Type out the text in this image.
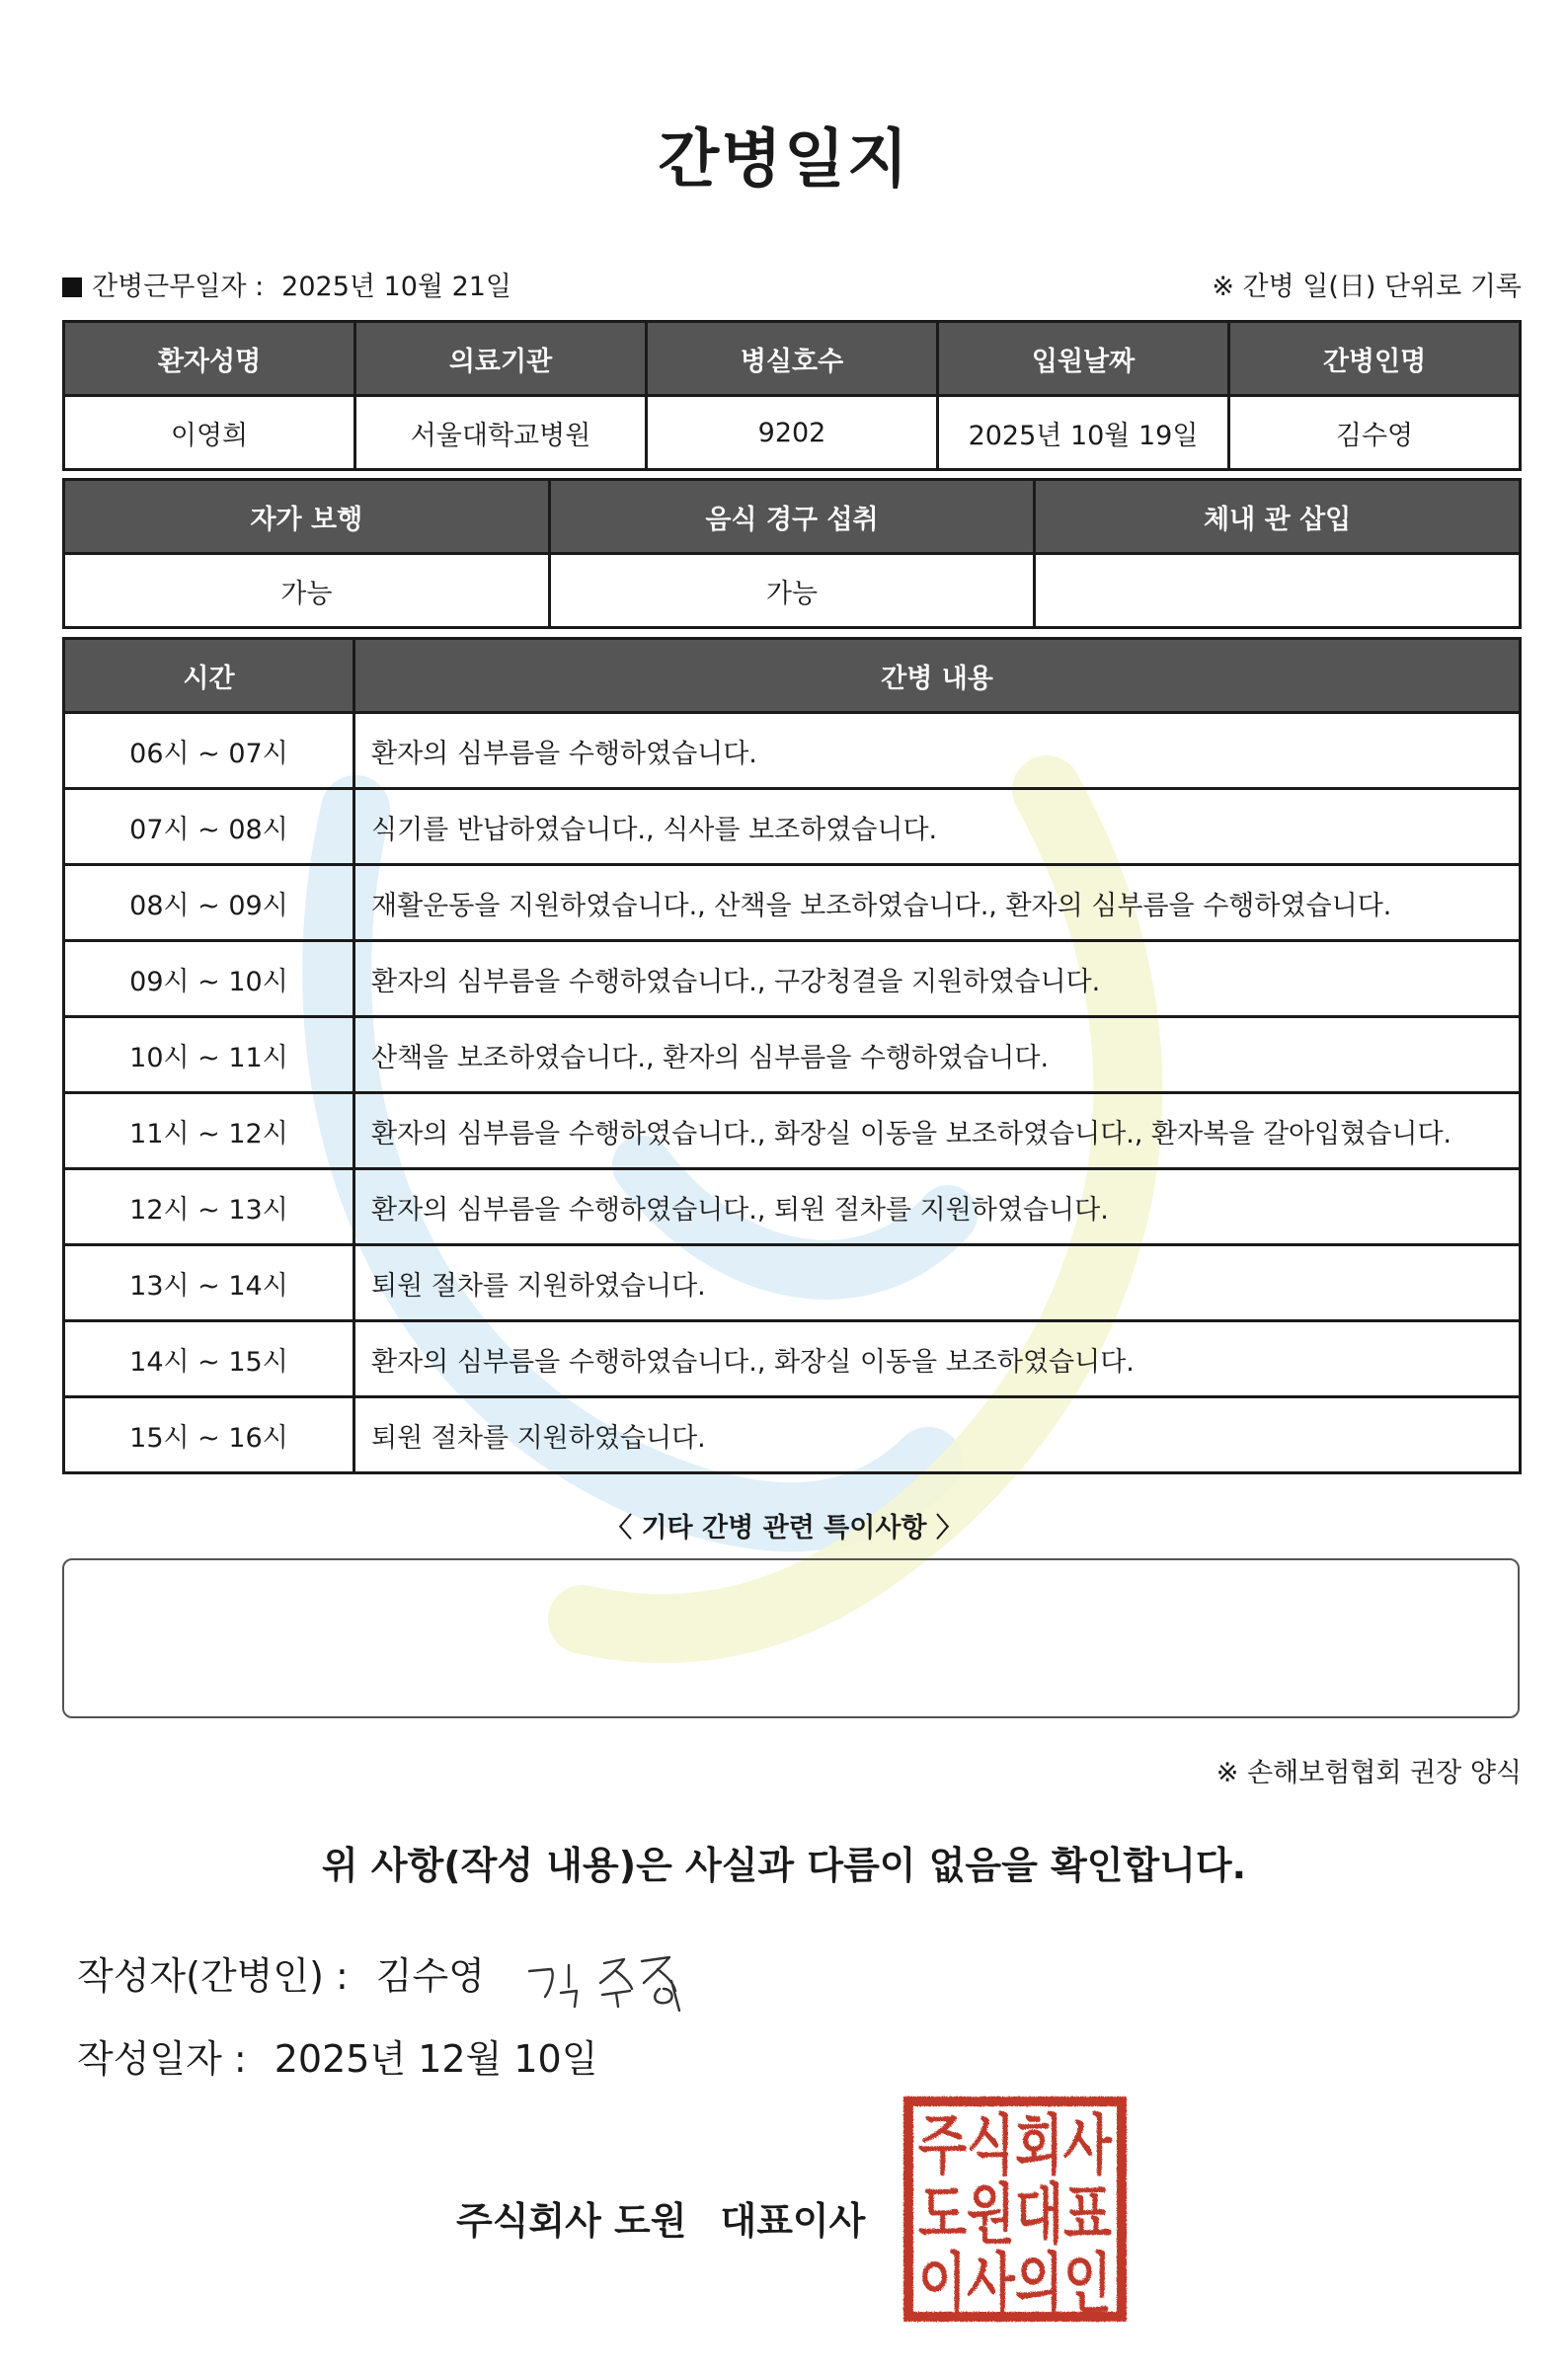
간병일지
간병근무일자 : 2025년 10월 21일	※ 간병 일(日) 단위로 기록
환자성명	의료기관	병실호수	입원날짜	간병인명
이영희	서울대학교병원	9202	2025년 10월 19일	김수영
자가 보행	음식 경구 섭취	체내 관 삽입
가능	가능	
시간	간병 내용
06시 ~ 07시	환자의 심부름을 수행하였습니다.
07시 ~ 08시	식기를 반납하였습니다., 식사를 보조하였습니다.
08시 ~ 09시	재활운동을 지원하였습니다., 산책을 보조하였습니다., 환자의 심부름을 수행하였습니다.
09시 ~ 10시	환자의 심부름을 수행하였습니다., 구강청결을 지원하였습니다.
10시 ~ 11시	산책을 보조하였습니다., 환자의 심부름을 수행하였습니다.
11시 ~ 12시	환자의 심부름을 수행하였습니다., 화장실 이동을 보조하였습니다., 환자복을 갈아입혔습니다.
12시 ~ 13시	환자의 심부름을 수행하였습니다., 퇴원 절차를 지원하였습니다.
13시 ~ 14시	퇴원 절차를 지원하였습니다.
14시 ~ 15시	환자의 심부름을 수행하였습니다., 화장실 이동을 보조하였습니다.
15시 ~ 16시	퇴원 절차를 지원하였습니다.
〈 기타 간병 관련 특이사항 〉
※ 손해보험협회 권장 양식
위 사항(작성 내용)은 사실과 다름이 없음을 확인합니다.
작성자(간병인) : 김수영
작성일자 : 2025년 12월 10일
주식회사 도원 대표이사
주식회사
도원대표
이사의인
